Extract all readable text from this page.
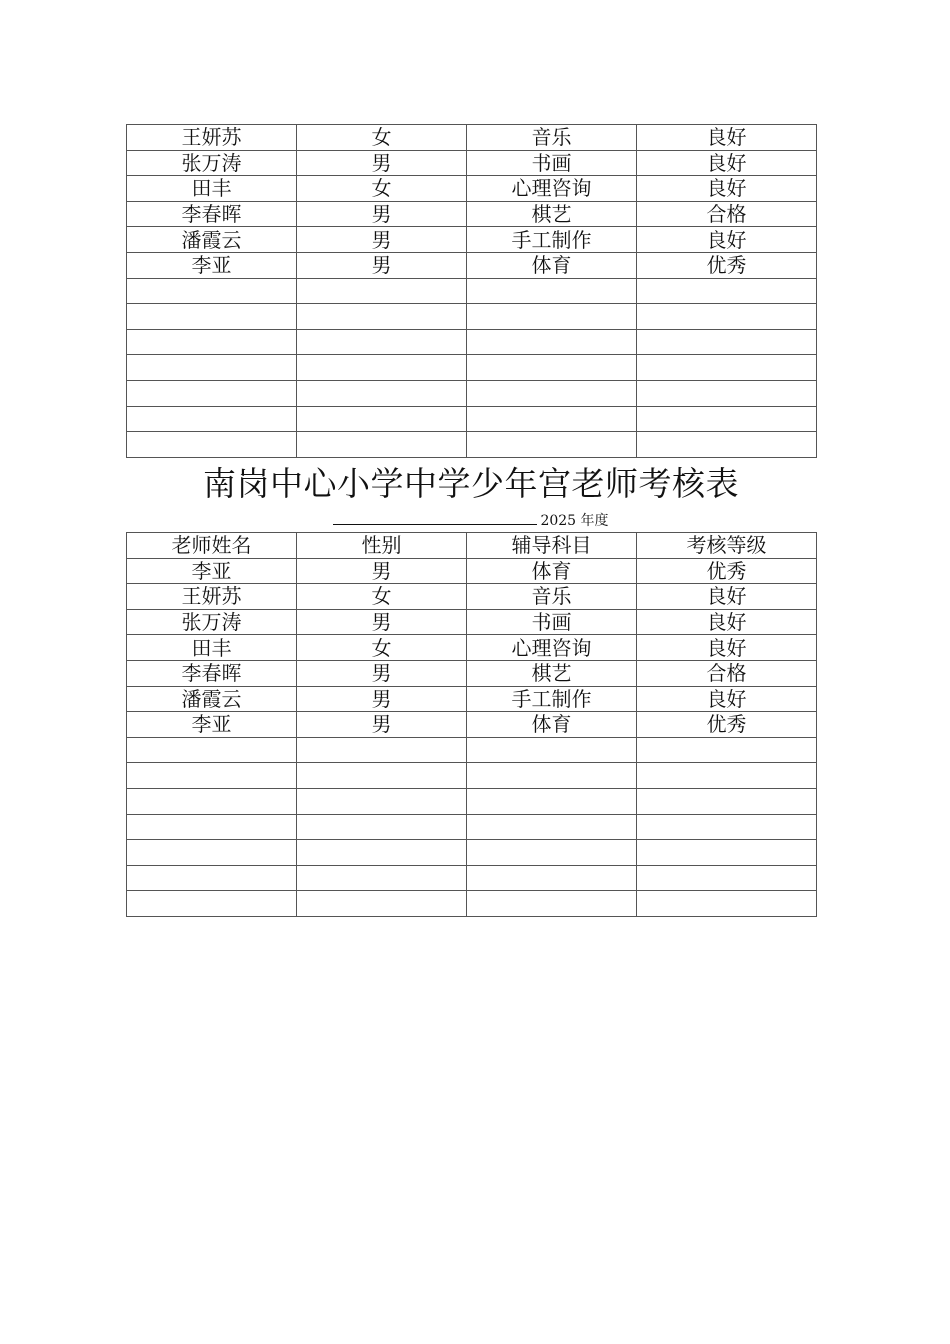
王妍苏	女	音乐	良好
张万涛	男	书画	良好
田丰	女	心理咨询	良好
李春晖	男	棋艺	合格
潘霞云	男	手工制作	良好
李亚	男	体育	优秀

南岗中心小学中学少年宫老师考核表
2025 年度
老师姓名	性别	辅导科目	考核等级
李亚	男	体育	优秀
王妍苏	女	音乐	良好
张万涛	男	书画	良好
田丰	女	心理咨询	良好
李春晖	男	棋艺	合格
潘霞云	男	手工制作	良好
李亚	男	体育	优秀
